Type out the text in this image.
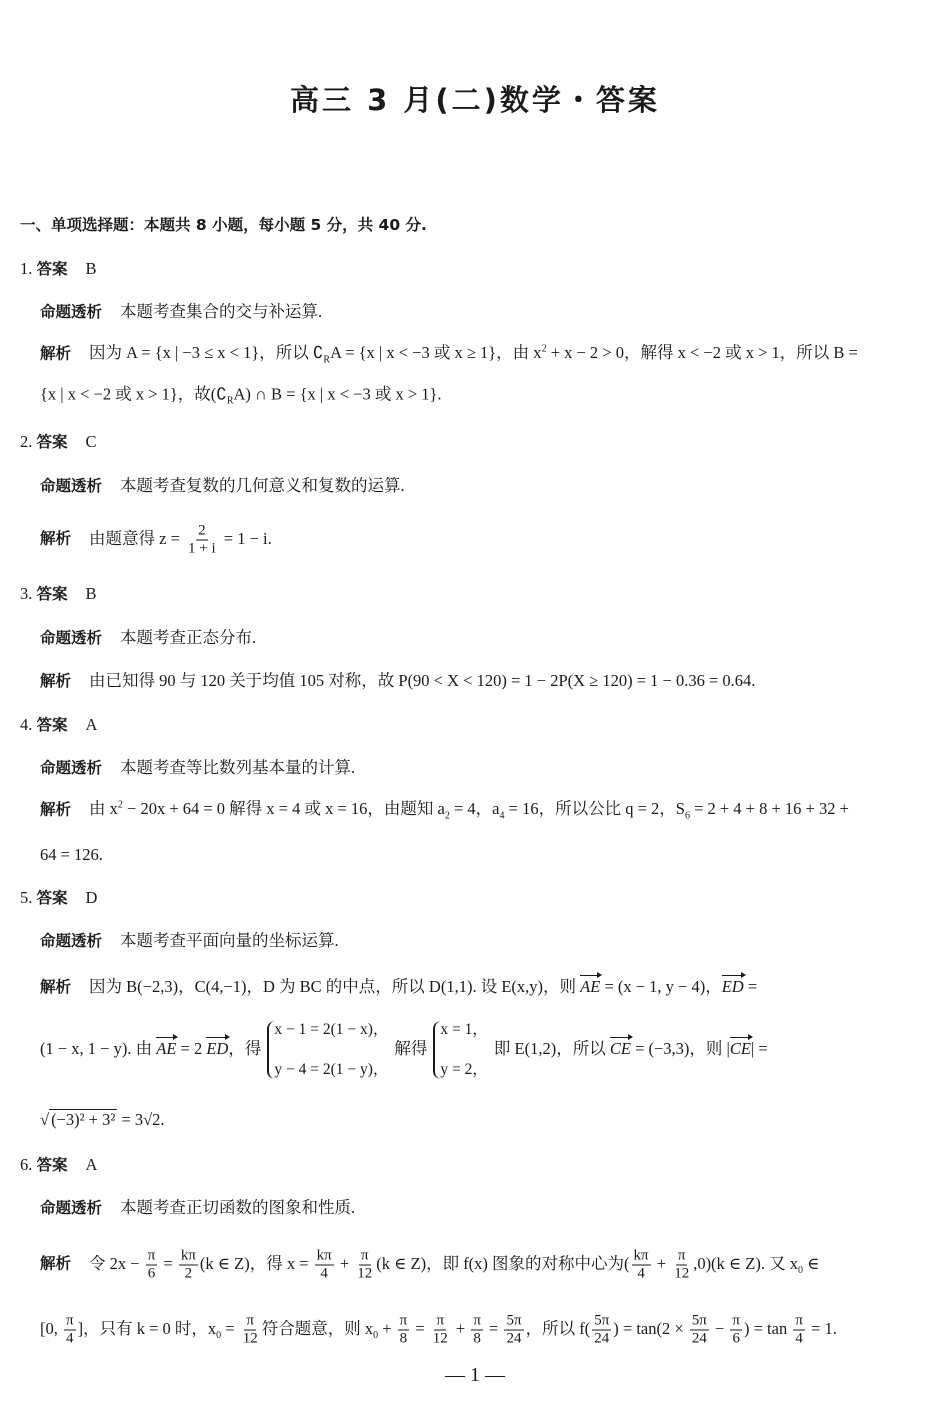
高三 3 月(二)数学・答案
一、单项选择题：本题共 8 小题，每小题 5 分，共 40 分.
1. 答案 B
命题透析 本题考查集合的交与补运算.
解析 因为 A = {x | −3 ≤ x < 1}，所以 $∁_RA = \{x$ | x < −3 或 x ≥ 1}，由 $x^2 + x - 2 > 0$，解得 x < −2 或 x > 1，所以 B =
{x | x < −2 或 x > 1}，故$(∁_RA)$ ∩ B = {x | x < −3 或 x > 1}.
2. 答案 C
命题透析 本题考查复数的几何意义和复数的运算.
解析 由题意得 $z = \frac{2}{1 + i} = 1 - i$.
3. 答案 B
命题透析 本题考查正态分布.
解析 由已知得 90 与 120 关于均值 105 对称，故 P(90 < X < 120) = 1 − 2P(X ≥ 120) = 1 − 0.36 = 0.64.
4. 答案 A
命题透析 本题考查等比数列基本量的计算.
解析 由 $x^2 - 20x + 64 = 0$ 解得 x = 4 或 x = 16，由题知 $a_2 = 4$，$a_4 = 16$，所以公比 q = 2，$S_6 = 2 + 4 + 8 + 16 + 32$ +
64 = 126.
5. 答案 D
命题透析 本题考查平面向量的坐标运算.
解析 因为 B(−2,3)，C(4,−1)，D 为 BC 的中点，所以 D(1,1). 设 E(x,y)，则 AE = (x − 1, y − 4)，ED =
(1 − x, 1 − y). 由 AE = 2 ED，得
x − 1 = 2(1 − x)，
y − 4 = 2(1 − y)，
解得
x = 1，
y = 2，
即 E(1,2)，所以 CE = (−3,3)，则 |CE| =
√ (−3)² + 3² = 3√2.
6. 答案 A
命题透析 本题考查正切函数的图象和性质.
解析 令 $2x - \frac{\pi}{6} = \frac{k\pi}{2} (k$ ∈ Z)，得 $x = \frac{k\pi}{4} + \frac{\pi}{12} (k$ ∈ Z)，即 f(x) 图象的对称中心为( $\frac{k\pi}{4} + \frac{\pi}{12} ,0)(k$ ∈ Z). 又 $x_0$ ∈
[0, $\frac{\pi}{4}$ ]，只有 k = 0 时，$x_0 = \frac{\pi}{12}$ 符合题意，则 $x_0 + \frac{\pi}{8} = \frac{\pi}{12} + \frac{\pi}{8} = \frac{5\pi}{24}$ ，所以 $f( \frac{5\pi}{24}$ ) = $\tan(2 \times \frac{5\pi}{24} - \frac{\pi}{6}$ ) = $\tan \frac{\pi}{4} = 1$.
— 1 —
